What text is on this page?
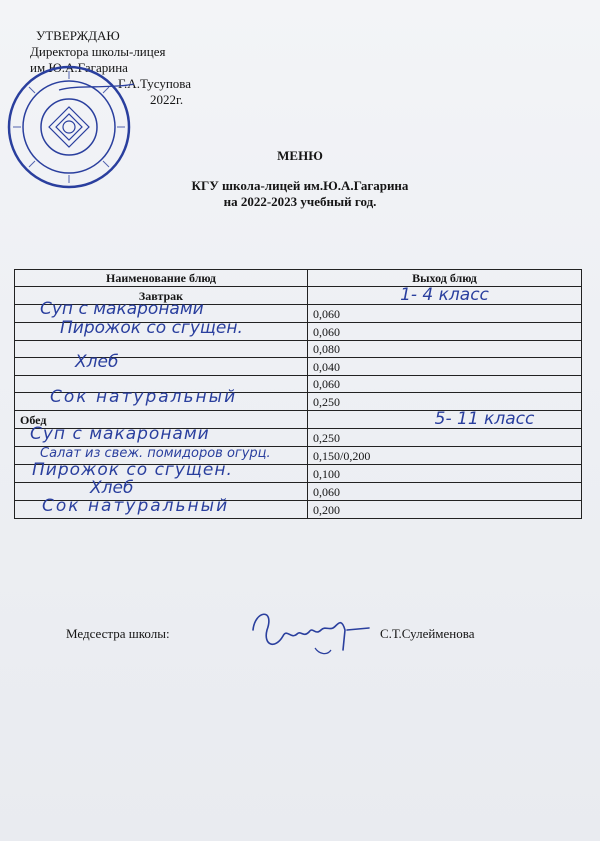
УТВЕРЖДАЮ
Директора школы-лицея
им.Ю.А.Гагарина
Г.А.Тусупова
2022г.
МЕНЮ
КГУ школа-лицей им.Ю.А.Гагарина
на 2022-2023 учебный год.
Наименование блюд	Выход блюд
Завтрак	1- 4 класс
Суп с макаронами	0,060
Пирожок со сгущен.	0,060
	0,080
Хлеб	0,040
	0,060
Сок натуральный	0,250
Обед	5- 11 класс
Суп с макаронами	0,250
Салат из свеж. помидоров огурц.	0,150/0,200
Пирожок со сгущен.	0,100
Хлеб	0,060
Сок натуральный	0,200
Медсестра школы:	С.Т.Сулейменова
